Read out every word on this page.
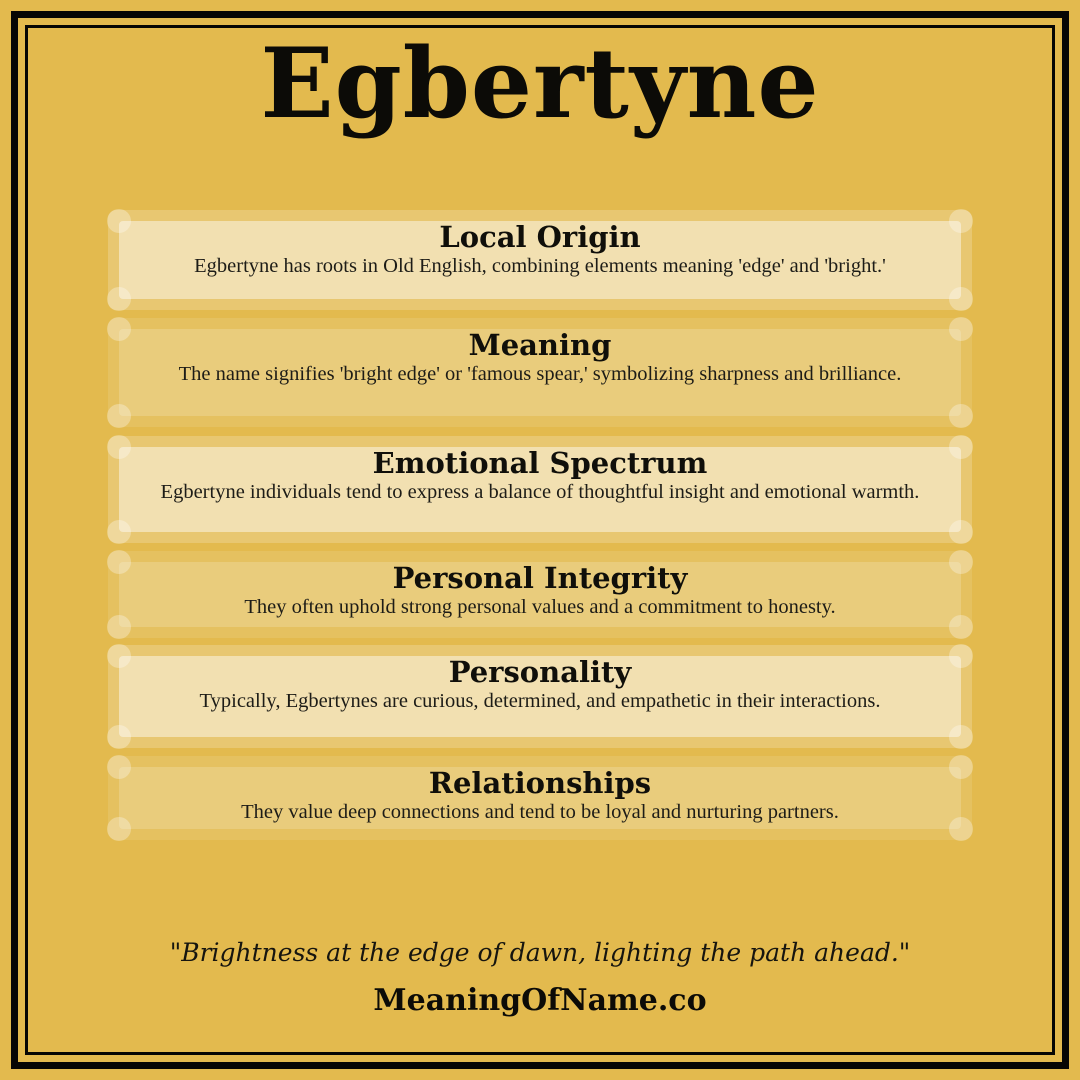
Egbertyne
Local Origin

Egbertyne has roots in Old English, combining elements meaning 'edge' and 'bright.'

Meaning

The name signifies 'bright edge' or 'famous spear,' symbolizing sharpness and brilliance.

Emotional Spectrum

Egbertyne individuals tend to express a balance of thoughtful insight and emotional warmth.

Personal Integrity

They often uphold strong personal values and a commitment to honesty.

Personality

Typically, Egbertynes are curious, determined, and empathetic in their interactions.

Relationships

They value deep connections and tend to be loyal and nurturing partners.

"Brightness at the edge of dawn, lighting the path ahead."

MeaningOfName.co
